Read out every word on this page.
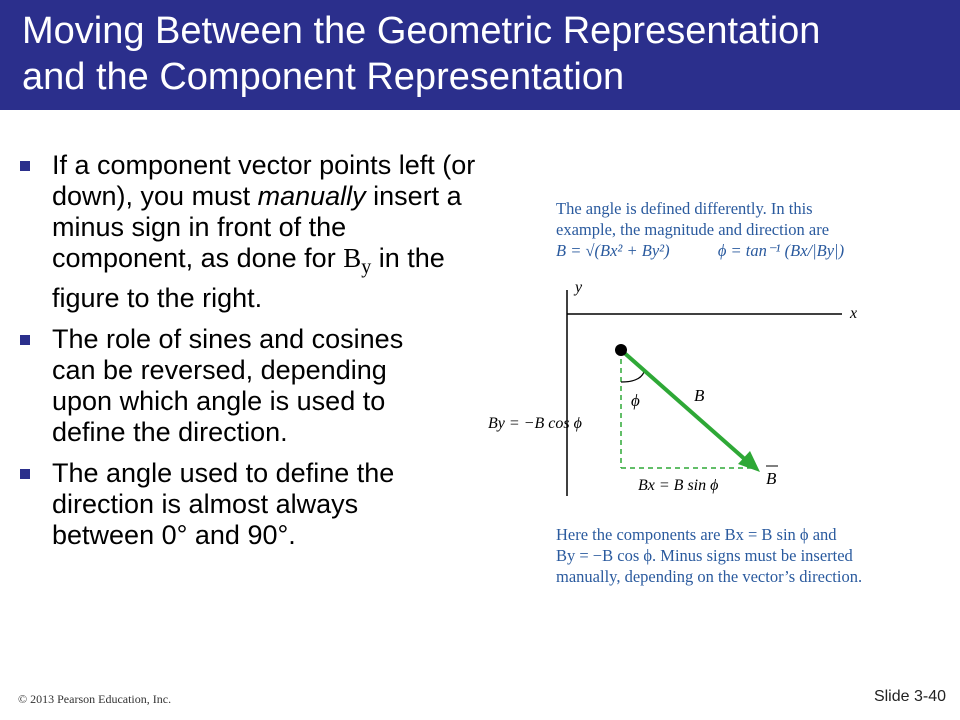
Moving Between the Geometric Representation
and the Component Representation
If a component vector points left (or down), you must manually insert a minus sign in front of the component, as done for $B_y$ in the figure to the right.
The role of sines and cosines can be reversed, depending upon which angle is used to define the direction.
The angle used to define the direction is almost always between 0° and 90°.
The angle is defined differently. In this
example, the magnitude and direction are
B = √(Bx² + By²)	ϕ = tan⁻¹ (Bx/|By|)
y
x
ϕ	B
B
By = −B cos ϕ
Bx = B sin ϕ
Here the components are Bx = B sin ϕ and
By = −B cos ϕ. Minus signs must be inserted
manually, depending on the vector’s direction.
© 2013 Pearson Education, Inc.	Slide 3-40
